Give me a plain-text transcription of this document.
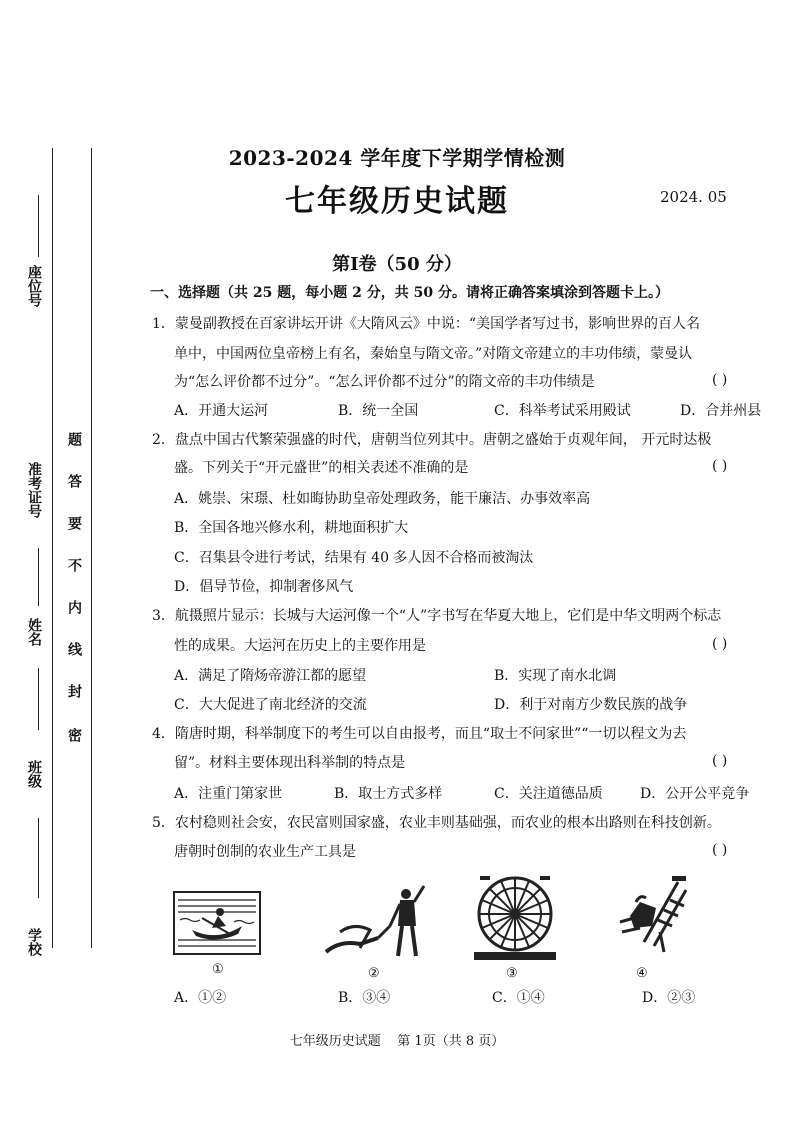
座位号
准考证号
姓名
班级
学校
密
封
线
内
不
要
答
题
2023-2024 学年度下学期学情检测
七年级历史试题	2024. 05
第Ⅰ卷（50 分）
一、选择题（共 25 题，每小题 2 分，共 50 分。请将正确答案填涂到答题卡上。）
1．蒙曼副教授在百家讲坛开讲《大隋风云》中说：“美国学者写过书，影响世界的百人名
单中，中国两位皇帝榜上有名，秦始皇与隋文帝。”对隋文帝建立的丰功伟绩，蒙曼认
为“怎么评价都不过分”。“怎么评价都不过分”的隋文帝的丰功伟绩是	( )
A．开通大运河	B．统一全国	C．科举考试采用殿试	D．合并州县
2．盘点中国古代繁荣强盛的时代，唐朝当位列其中。唐朝之盛始于贞观年间， 开元时达极
盛。下列关于“开元盛世”的相关表述不准确的是	( )
A．姚崇、宋璟、杜如晦协助皇帝处理政务，能干廉洁、办事效率高
B．全国各地兴修水利，耕地面积扩大
C．召集县令进行考试，结果有 40 多人因不合格而被淘汰
D．倡导节俭，抑制奢侈风气
3．航摄照片显示：长城与大运河像一个“人”字书写在华夏大地上，它们是中华文明两个标志
性的成果。大运河在历史上的主要作用是	( )
A．满足了隋炀帝游江都的愿望	B．实现了南水北调
C．大大促进了南北经济的交流	D．利于对南方少数民族的战争
4．隋唐时期，科举制度下的考生可以自由报考，而且“取士不问家世”“一切以程文为去
留”。材料主要体现出科举制的特点是	( )
A．注重门第家世	B．取士方式多样	C．关注道德品质	D．公开公平竞争
5．农村稳则社会安，农民富则国家盛，农业丰则基础强，而农业的根本出路则在科技创新。
唐朝时创制的农业生产工具是	( )
①	②	③	④
A．①②	B．③④	C．①④	D．②③
七年级历史试题    第 1页（共 8 页）
